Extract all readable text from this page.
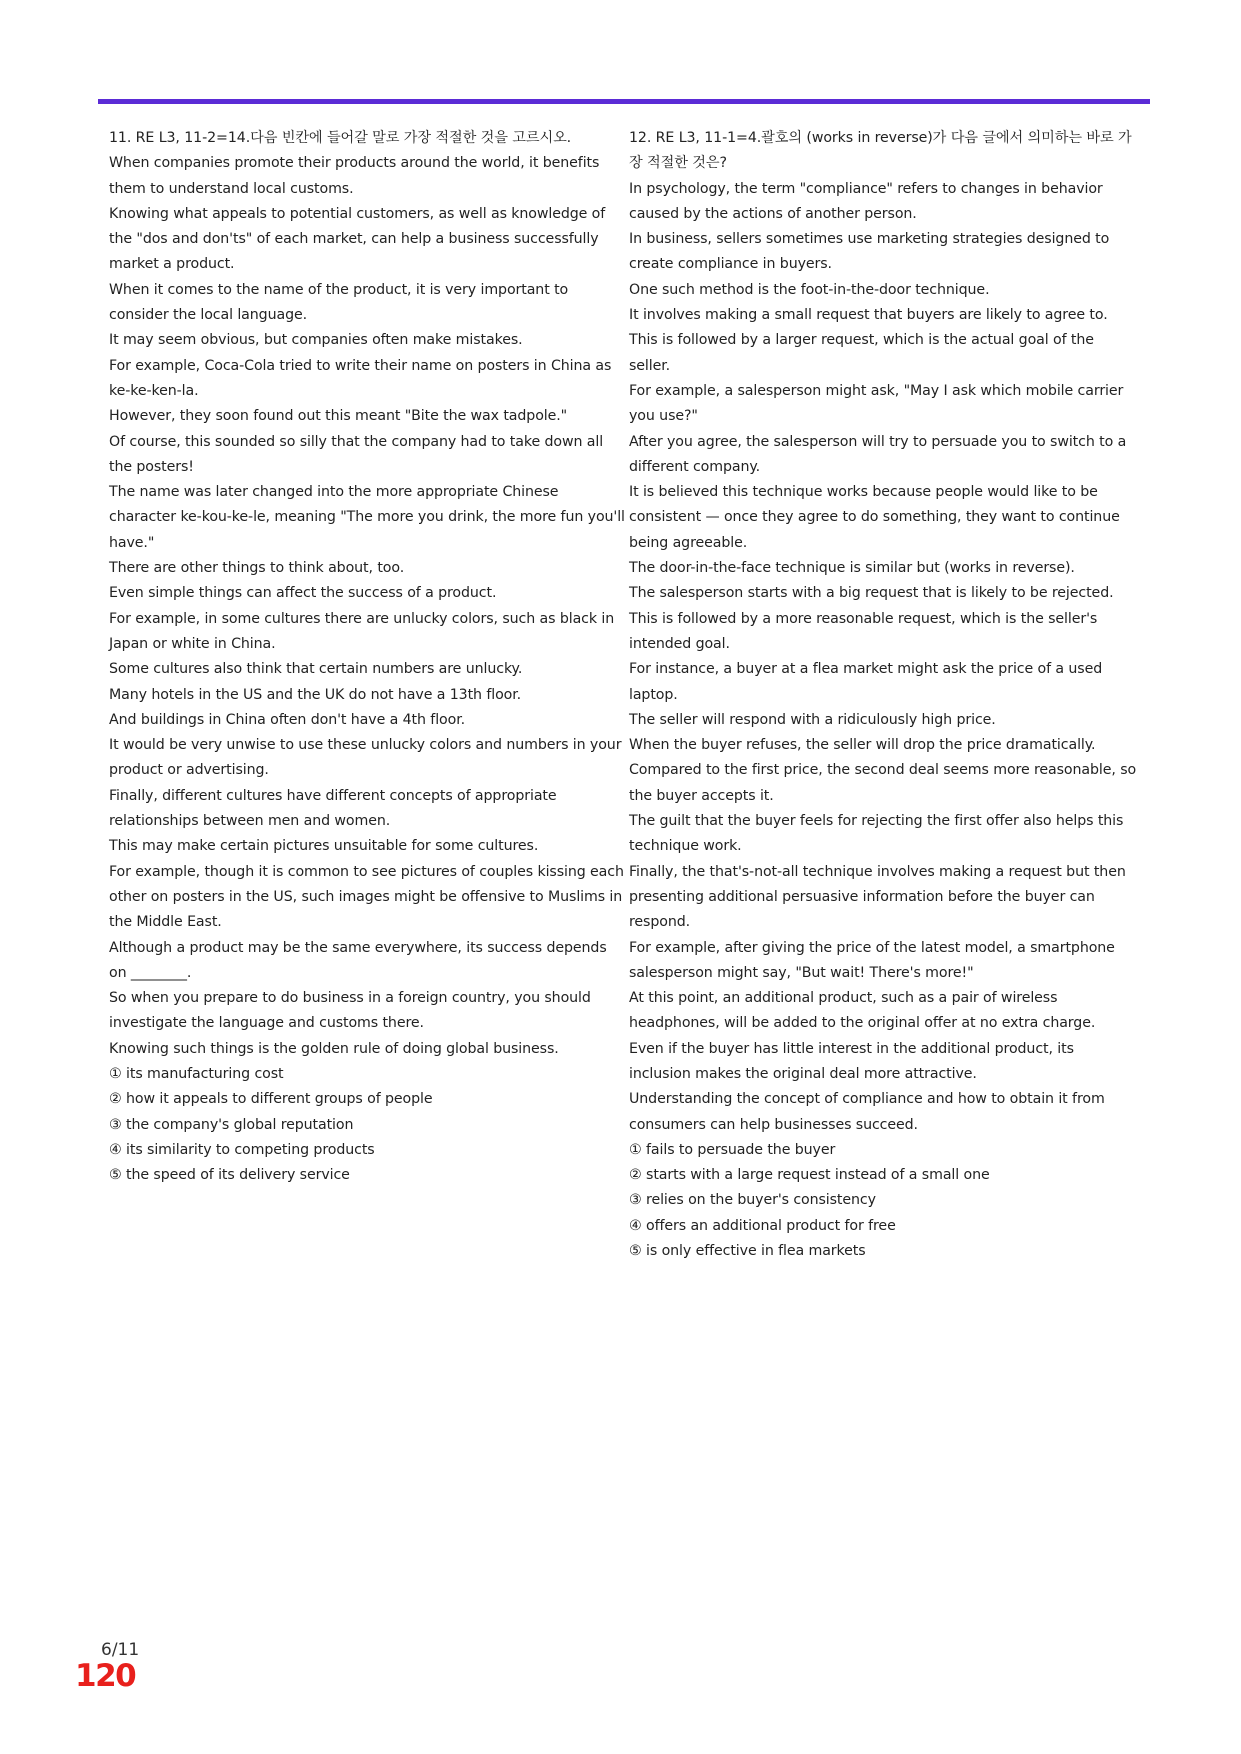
11. RE L3, 11-2=14.다음 빈칸에 들어갈 말로 가장 적절한 것을 고르시오.

When companies promote their products around the world, it benefits them to understand local customs.

Knowing what appeals to potential customers, as well as knowledge of the "dos and don'ts" of each market, can help a business successfully market a product.

When it comes to the name of the product, it is very important to consider the local language.

It may seem obvious, but companies often make mistakes.

For example, Coca-Cola tried to write their name on posters in China as ke-ke-ken-la.

However, they soon found out this meant "Bite the wax tadpole."

Of course, this sounded so silly that the company had to take down all the posters!

The name was later changed into the more appropriate Chinese character ke-kou-ke-le, meaning "The more you drink, the more fun you'll have."

There are other things to think about, too.

Even simple things can affect the success of a product.

For example, in some cultures there are unlucky colors, such as black in Japan or white in China.

Some cultures also think that certain numbers are unlucky.

Many hotels in the US and the UK do not have a 13th floor.

And buildings in China often don't have a 4th floor.

It would be very unwise to use these unlucky colors and numbers in your product or advertising.

Finally, different cultures have different concepts of appropriate relationships between men and women.

This may make certain pictures unsuitable for some cultures.

For example, though it is common to see pictures of couples kissing each other on posters in the US, such images might be offensive to Muslims in the Middle East.

Although a product may be the same everywhere, its success depends on ________.

So when you prepare to do business in a foreign country, you should investigate the language and customs there.

Knowing such things is the golden rule of doing global business.

① its manufacturing cost

② how it appeals to different groups of people

③ the company's global reputation

④ its similarity to competing products

⑤ the speed of its delivery service

12. RE L3, 11-1=4.괄호의 (works in reverse)가 다음 글에서 의미하는 바로 가장 적절한 것은?

In psychology, the term "compliance" refers to changes in behavior caused by the actions of another person.

In business, sellers sometimes use marketing strategies designed to create compliance in buyers.

One such method is the foot-in-the-door technique.

It involves making a small request that buyers are likely to agree to.

This is followed by a larger request, which is the actual goal of the seller.

For example, a salesperson might ask, "May I ask which mobile carrier you use?"

After you agree, the salesperson will try to persuade you to switch to a different company.

It is believed this technique works because people would like to be consistent — once they agree to do something, they want to continue being agreeable.

The door-in-the-face technique is similar but (works in reverse).

The salesperson starts with a big request that is likely to be rejected.

This is followed by a more reasonable request, which is the seller's intended goal.

For instance, a buyer at a flea market might ask the price of a used laptop.

The seller will respond with a ridiculously high price.

When the buyer refuses, the seller will drop the price dramatically.

Compared to the first price, the second deal seems more reasonable, so the buyer accepts it.

The guilt that the buyer feels for rejecting the first offer also helps this technique work.

Finally, the that's-not-all technique involves making a request but then presenting additional persuasive information before the buyer can respond.

For example, after giving the price of the latest model, a smartphone salesperson might say, "But wait! There's more!"

At this point, an additional product, such as a pair of wireless headphones, will be added to the original offer at no extra charge.

Even if the buyer has little interest in the additional product, its inclusion makes the original deal more attractive.

Understanding the concept of compliance and how to obtain it from consumers can help businesses succeed.

① fails to persuade the buyer

② starts with a large request instead of a small one

③ relies on the buyer's consistency

④ offers an additional product for free

⑤ is only effective in flea markets

6/11
120
